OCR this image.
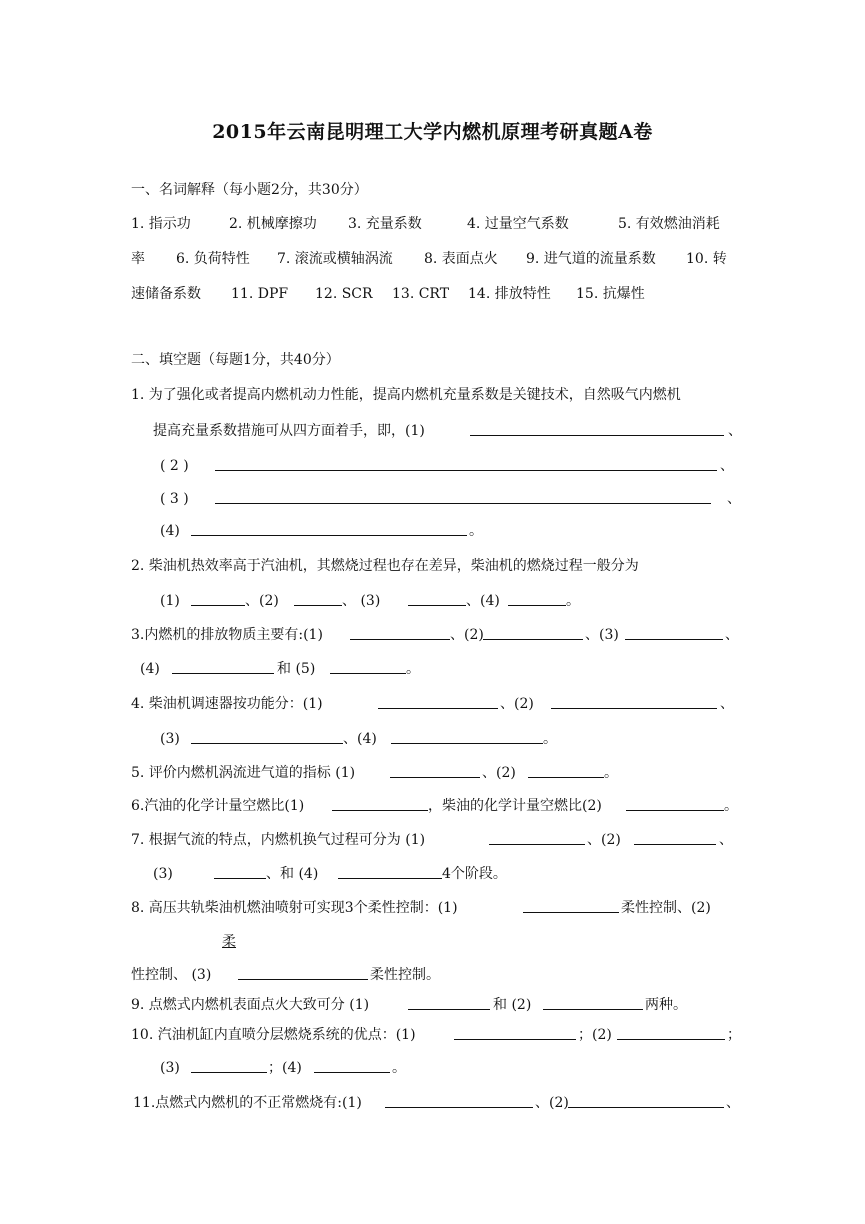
2015年云南昆明理工大学内燃机原理考研真题A卷
一、名词解释（每小题2分，共30分）
1. 指示功	2. 机械摩擦功 3. 充量系数	4. 过量空气系数	5. 有效燃油消耗
率 6. 负荷特性 7. 滚流或横轴涡流 8. 表面点火 9. 进气道的流量系数 10. 转
速储备系数 11. DPF 12. SCR 13. CRT 14. 排放特性 15. 抗爆性
二、填空题（每题1分，共40分）
1. 为了强化或者提高内燃机动力性能，提高内燃机充量系数是关键技术，自然吸气内燃机
提高充量系数措施可从四方面着手，即，(1)	、
( 2 )	、
( 3 )	、
(4)	。
2. 柴油机热效率高于汽油机，其燃烧过程也存在差异，柴油机的燃烧过程一般分为
(1)	、(2)	、 (3)	、(4)	。
3.内燃机的排放物质主要有:(1)	、(2)	、(3)	、
(4)	和 (5)	。
4. 柴油机调速器按功能分：(1)	、(2)	、
(3)	、(4)	。
5. 评价内燃机涡流进气道的指标 (1)	、(2)	。
6.汽油的化学计量空燃比(1)	，柴油的化学计量空燃比(2)	。
7. 根据气流的特点，内燃机换气过程可分为 (1)	、(2)	、
(3)	、和 (4)	4个阶段。
8. 高压共轨柴油机燃油喷射可实现3个柔性控制：(1)	柔性控制、(2)
柔
性控制、 (3)	柔性控制。
9. 点燃式内燃机表面点火大致可分 (1)	和 (2)	两种。
10. 汽油机缸内直喷分层燃烧系统的优点：(1)	；(2)	；
(3)	；(4)	。
11.点燃式内燃机的不正常燃烧有:(1)	、(2)	、
